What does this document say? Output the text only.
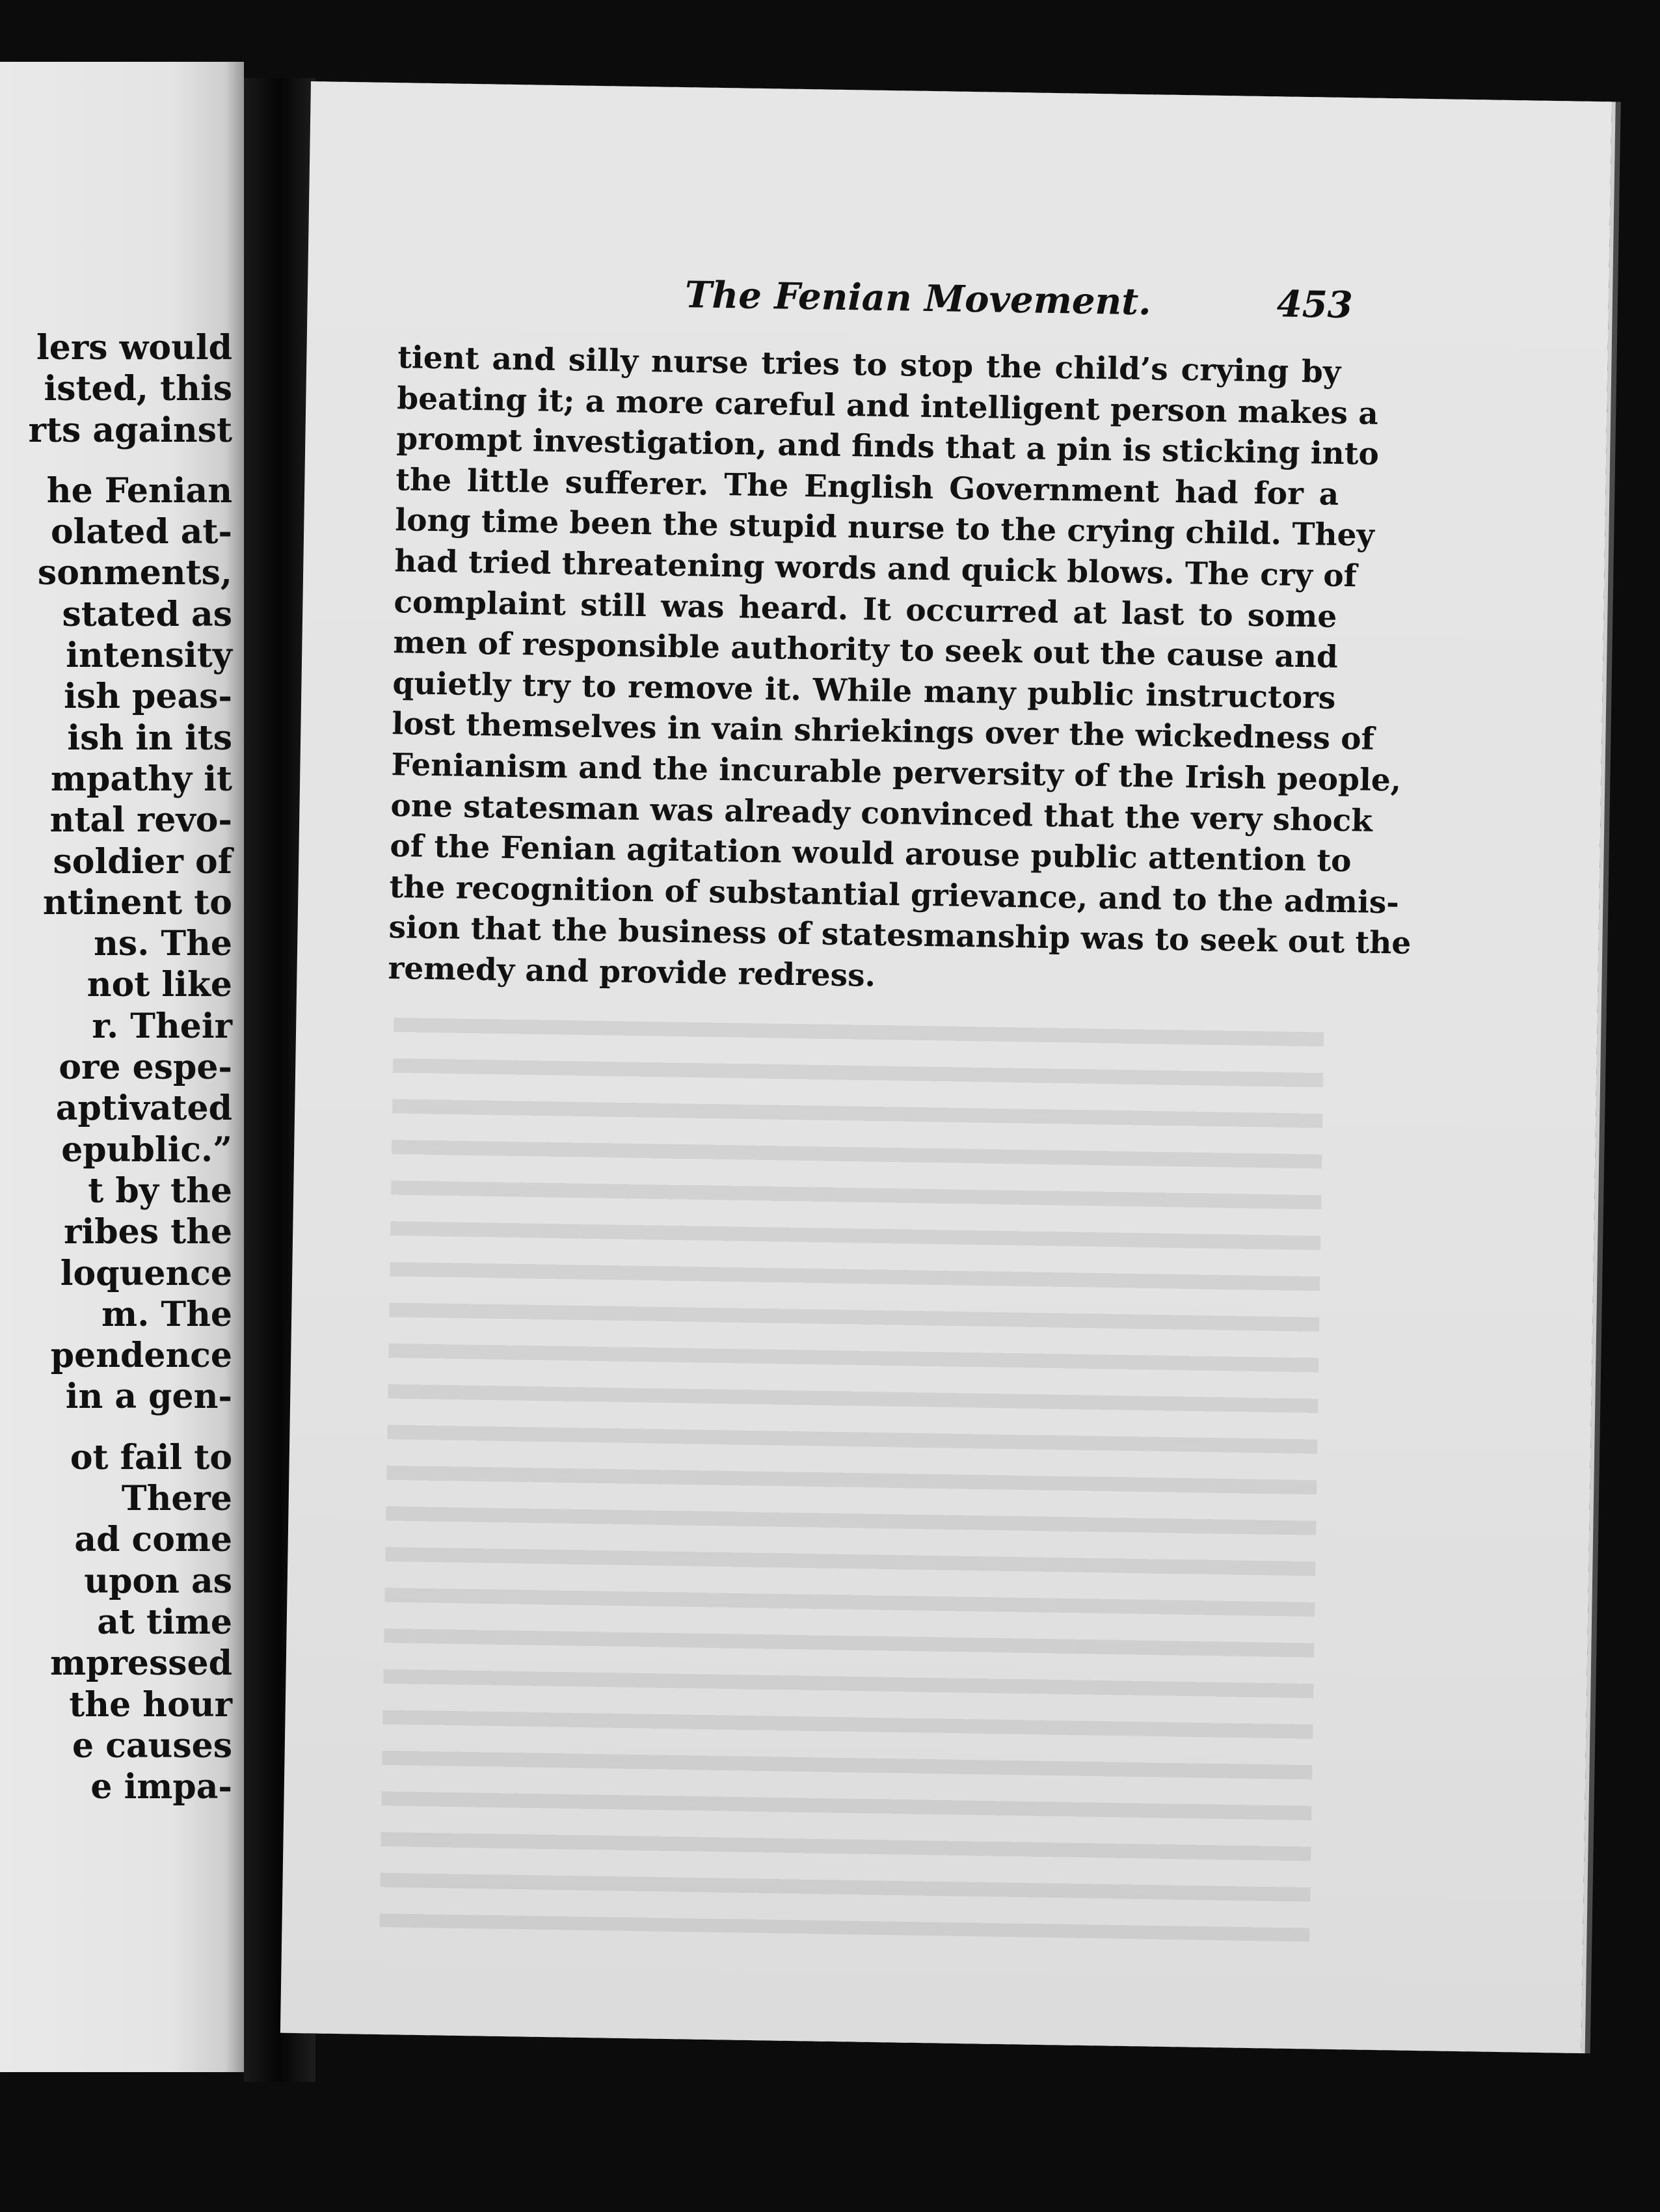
lers would
isted, this
rts against
he Fenian
olated at-
sonments,
stated as
intensity
ish peas-
ish in its
mpathy it
ntal revo-
soldier of
ntinent to
ns. The
not like
r. Their
ore espe-
aptivated
epublic.”
t by the
ribes the
loquence
m. The
pendence
in a gen-
ot fail to
There
ad come
upon as
at time
mpressed
the hour
e causes
e impa-
The Fenian Movement.	453
tient and silly nurse tries to stop the child’s crying by
beating it; a more careful and intelligent person makes a
prompt investigation, and finds that a pin is sticking into
the little sufferer. The English Government had for a
long time been the stupid nurse to the crying child. They
had tried threatening words and quick blows. The cry of
complaint still was heard. It occurred at last to some
men of responsible authority to seek out the cause and
quietly try to remove it. While many public instructors
lost themselves in vain shriekings over the wickedness of
Fenianism and the incurable perversity of the Irish people,
one statesman was already convinced that the very shock
of the Fenian agitation would arouse public attention to
the recognition of substantial grievance, and to the admis-
sion that the business of statesmanship was to seek out the
remedy and provide redress.
